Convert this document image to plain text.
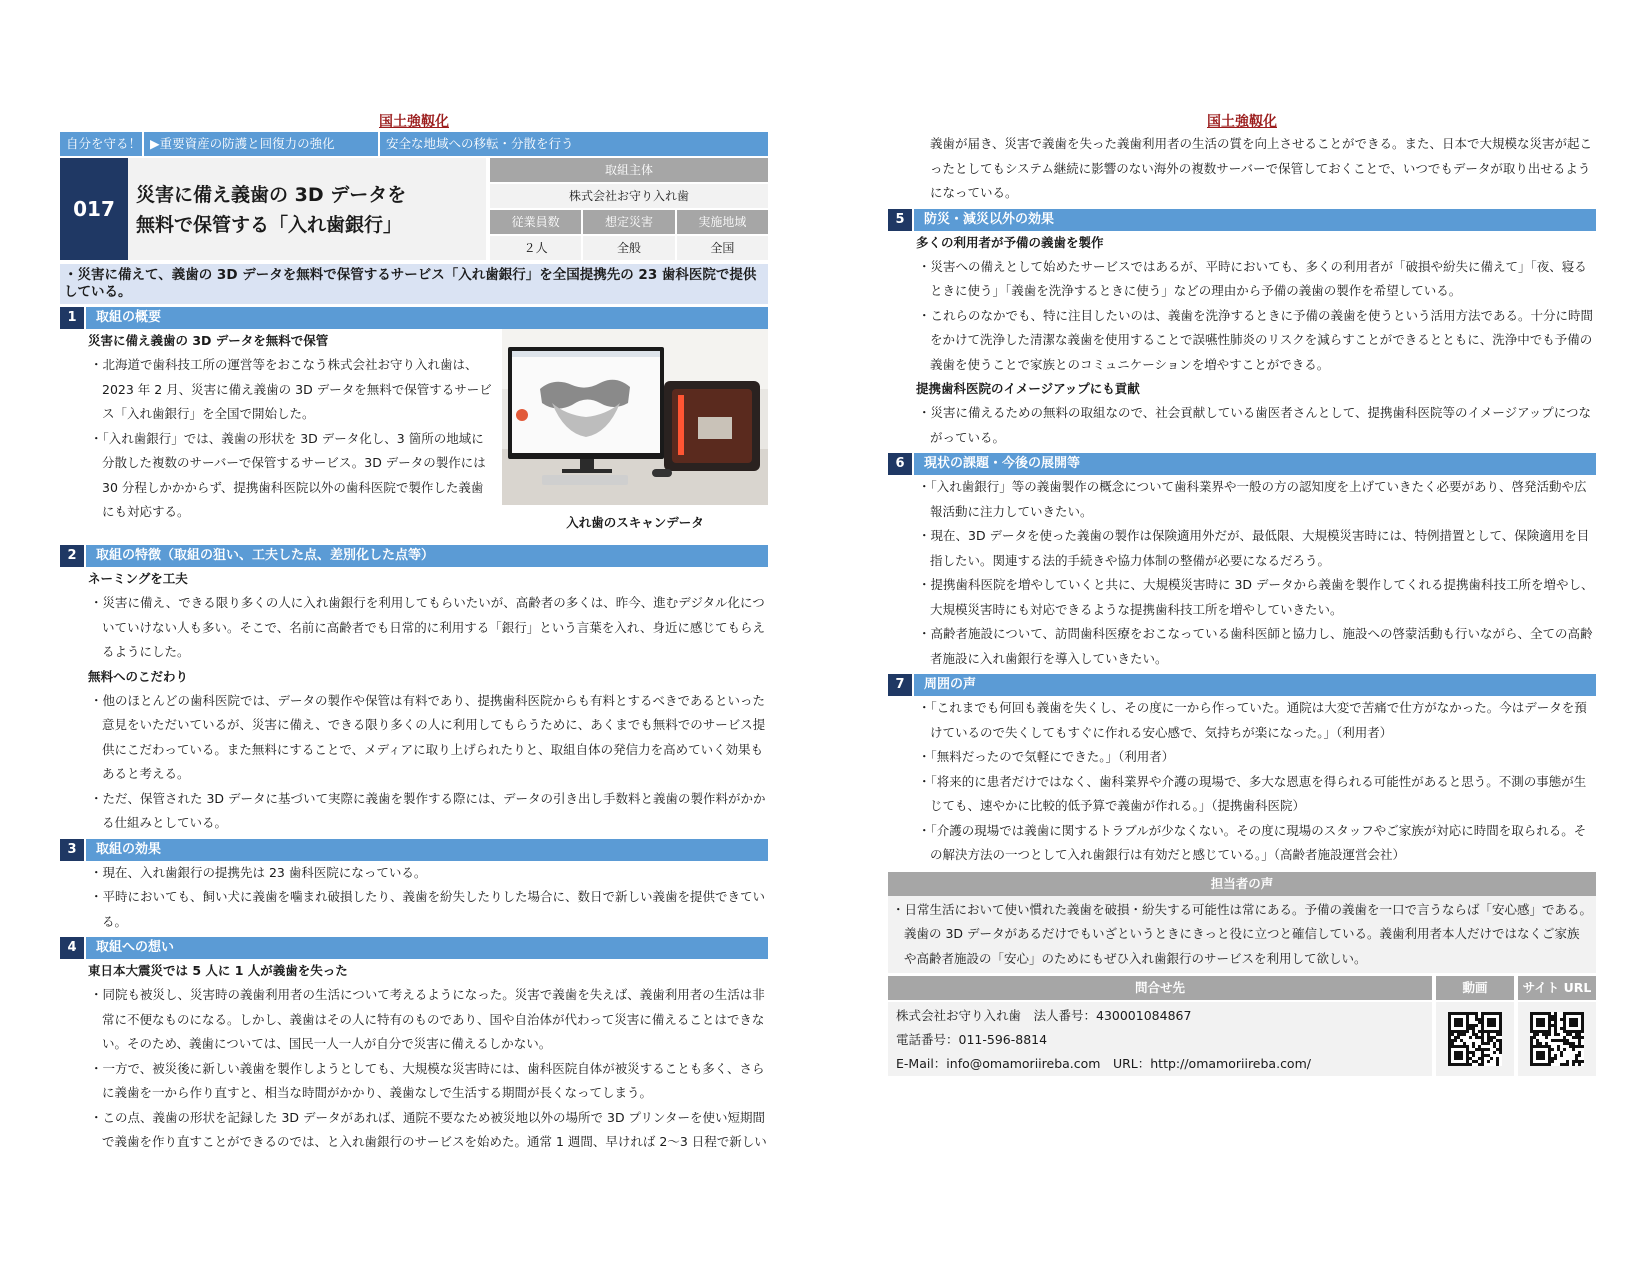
国土強靱化
自分を守る！ ▶重要資産の防護と回復力の強化	安全な地域への移転・分散を行う
017
災害に備え義歯の 3D データを
無料で保管する「入れ歯銀行」
取組主体
株式会社お守り入れ歯
従業員数	想定災害	実施地域
２人	全般	全国
・災害に備えて、義歯の 3D データを無料で保管するサービス「入れ歯銀行」を全国提携先の 23 歯科医院で提供している。
1	取組の概要
災害に備え義歯の 3D データを無料で保管
・北海道で歯科技工所の運営等をおこなう株式会社お守り入れ歯は、2023 年 2 月、災害に備え義歯の 3D データを無料で保管するサービス「入れ歯銀行」を全国で開始した。
・「入れ歯銀行」では、義歯の形状を 3D データ化し、3 箇所の地域に分散した複数のサーバーで保管するサービス。3D データの製作には 30 分程しかかからず、提携歯科医院以外の歯科医院で製作した義歯にも対応する。
入れ歯のスキャンデータ
2	取組の特徴（取組の狙い、工夫した点、差別化した点等）
ネーミングを工夫
・災害に備え、できる限り多くの人に入れ歯銀行を利用してもらいたいが、高齢者の多くは、昨今、進むデジタル化についていけない人も多い。そこで、名前に高齢者でも日常的に利用する「銀行」という言葉を入れ、身近に感じてもらえるようにした。
無料へのこだわり
・他のほとんどの歯科医院では、データの製作や保管は有料であり、提携歯科医院からも有料とするべきであるといった意見をいただいているが、災害に備え、できる限り多くの人に利用してもらうために、あくまでも無料でのサービス提供にこだわっている。また無料にすることで、メディアに取り上げられたりと、取組自体の発信力を高めていく効果もあると考える。
・ただ、保管された 3D データに基づいて実際に義歯を製作する際には、データの引き出し手数料と義歯の製作料がかかる仕組みとしている。
3	取組の効果
・現在、入れ歯銀行の提携先は 23 歯科医院になっている。
・平時においても、飼い犬に義歯を噛まれ破損したり、義歯を紛失したりした場合に、数日で新しい義歯を提供できている。
4	取組への想い
東日本大震災では 5 人に 1 人が義歯を失った
・同院も被災し、災害時の義歯利用者の生活について考えるようになった。災害で義歯を失えば、義歯利用者の生活は非常に不便なものになる。しかし、義歯はその人に特有のものであり、国や自治体が代わって災害に備えることはできない。そのため、義歯については、国民一人一人が自分で災害に備えるしかない。
・一方で、被災後に新しい義歯を製作しようとしても、大規模な災害時には、歯科医院自体が被災することも多く、さらに義歯を一から作り直すと、相当な時間がかかり、義歯なしで生活する期間が長くなってしまう。
・この点、義歯の形状を記録した 3D データがあれば、通院不要なため被災地以外の場所で 3D プリンターを使い短期間で義歯を作り直すことができるのでは、と入れ歯銀行のサービスを始めた。通常 1 週間、早ければ 2～3 日程で新しい
国土強靱化
義歯が届き、災害で義歯を失った義歯利用者の生活の質を向上させることができる。また、日本で大規模な災害が起こったとしてもシステム継続に影響のない海外の複数サーバーで保管しておくことで、いつでもデータが取り出せるようになっている。
5	防災・減災以外の効果
多くの利用者が予備の義歯を製作
・災害への備えとして始めたサービスではあるが、平時においても、多くの利用者が「破損や紛失に備えて」「夜、寝るときに使う」「義歯を洗浄するときに使う」などの理由から予備の義歯の製作を希望している。
・これらのなかでも、特に注目したいのは、義歯を洗浄するときに予備の義歯を使うという活用方法である。十分に時間をかけて洗浄した清潔な義歯を使用することで誤嚥性肺炎のリスクを減らすことができるとともに、洗浄中でも予備の義歯を使うことで家族とのコミュニケーションを増やすことができる。
提携歯科医院のイメージアップにも貢献
・災害に備えるための無料の取組なので、社会貢献している歯医者さんとして、提携歯科医院等のイメージアップにつながっている。
6	現状の課題・今後の展開等
・「入れ歯銀行」等の義歯製作の概念について歯科業界や一般の方の認知度を上げていきたく必要があり、啓発活動や広報活動に注力していきたい。
・現在、3D データを使った義歯の製作は保険適用外だが、最低限、大規模災害時には、特例措置として、保険適用を目指したい。関連する法的手続きや協力体制の整備が必要になるだろう。
・提携歯科医院を増やしていくと共に、大規模災害時に 3D データから義歯を製作してくれる提携歯科技工所を増やし、大規模災害時にも対応できるような提携歯科技工所を増やしていきたい。
・高齢者施設について、訪問歯科医療をおこなっている歯科医師と協力し、施設への啓蒙活動も行いながら、全ての高齢者施設に入れ歯銀行を導入していきたい。
7	周囲の声
・「これまでも何回も義歯を失くし、その度に一から作っていた。通院は大変で苦痛で仕方がなかった。今はデータを預けているので失くしてもすぐに作れる安心感で、気持ちが楽になった。」（利用者）
・「無料だったので気軽にできた。」（利用者）
・「将来的に患者だけではなく、歯科業界や介護の現場で、多大な恩恵を得られる可能性があると思う。不測の事態が生じても、速やかに比較的低予算で義歯が作れる。」（提携歯科医院）
・「介護の現場では義歯に関するトラブルが少なくない。その度に現場のスタッフやご家族が対応に時間を取られる。その解決方法の一つとして入れ歯銀行は有効だと感じている。」（高齢者施設運営会社）
担当者の声
・日常生活において使い慣れた義歯を破損・紛失する可能性は常にある。予備の義歯を一口で言うならば「安心感」である。
義歯の 3D データがあるだけでもいざというときにきっと役に立つと確信している。義歯利用者本人だけではなくご家族や高齢者施設の「安心」のためにもぜひ入れ歯銀行のサービスを利用して欲しい。
問合せ先
株式会社お守り入れ歯　法人番号：430001084867
電話番号：011-596-8814
E-Mail：info@omamoriireba.com　URL：http://omamoriireba.com/
動画	サイト URL
